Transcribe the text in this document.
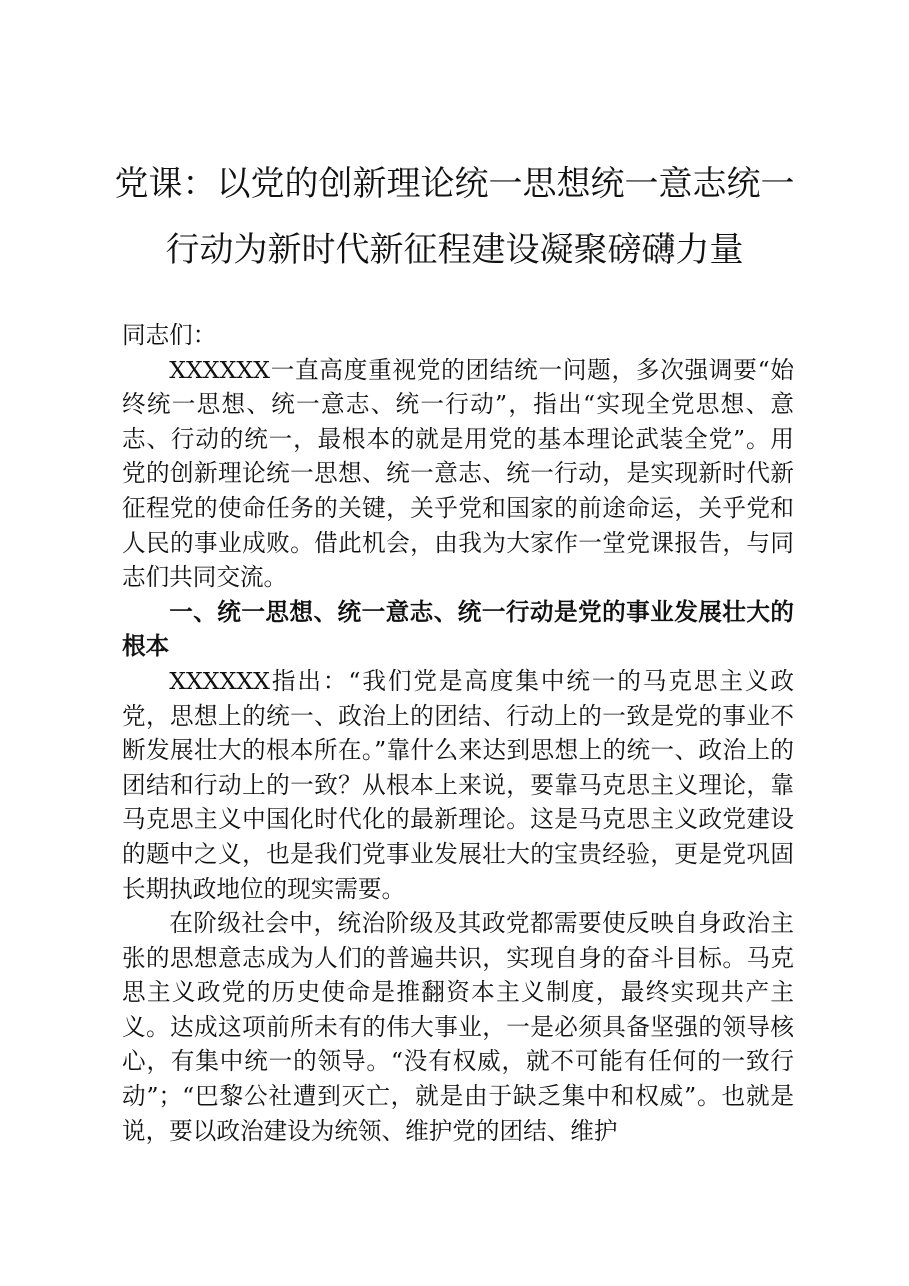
党课：以党的创新理论统一思想统一意志统一
行动为新时代新征程建设凝聚磅礴力量

同志们：

XXXXXX一直高度重视党的团结统一问题，多次强调要“始终统一思想、统一意志、统一行动”，指出“实现全党思想、意志、行动的统一，最根本的就是用党的基本理论武装全党”。用党的创新理论统一思想、统一意志、统一行动，是实现新时代新征程党的使命任务的关键，关乎党和国家的前途命运，关乎党和人民的事业成败。借此机会，由我为大家作一堂党课报告，与同志们共同交流。

一、统一思想、统一意志、统一行动是党的事业发展壮大的根本

XXXXXX指出：“我们党是高度集中统一的马克思主义政党，思想上的统一、政治上的团结、行动上的一致是党的事业不断发展壮大的根本所在。”靠什么来达到思想上的统一、政治上的团结和行动上的一致？从根本上来说，要靠马克思主义理论，靠马克思主义中国化时代化的最新理论。这是马克思主义政党建设的题中之义，也是我们党事业发展壮大的宝贵经验，更是党巩固长期执政地位的现实需要。

在阶级社会中，统治阶级及其政党都需要使反映自身政治主张的思想意志成为人们的普遍共识，实现自身的奋斗目标。马克思主义政党的历史使命是推翻资本主义制度，最终实现共产主义。达成这项前所未有的伟大事业，一是必须具备坚强的领导核心，有集中统一的领导。“没有权威，就不可能有任何的一致行动”；“巴黎公社遭到灭亡，就是由于缺乏集中和权威”。也就是说，要以政治建设为统领、维护党的团结、维护
